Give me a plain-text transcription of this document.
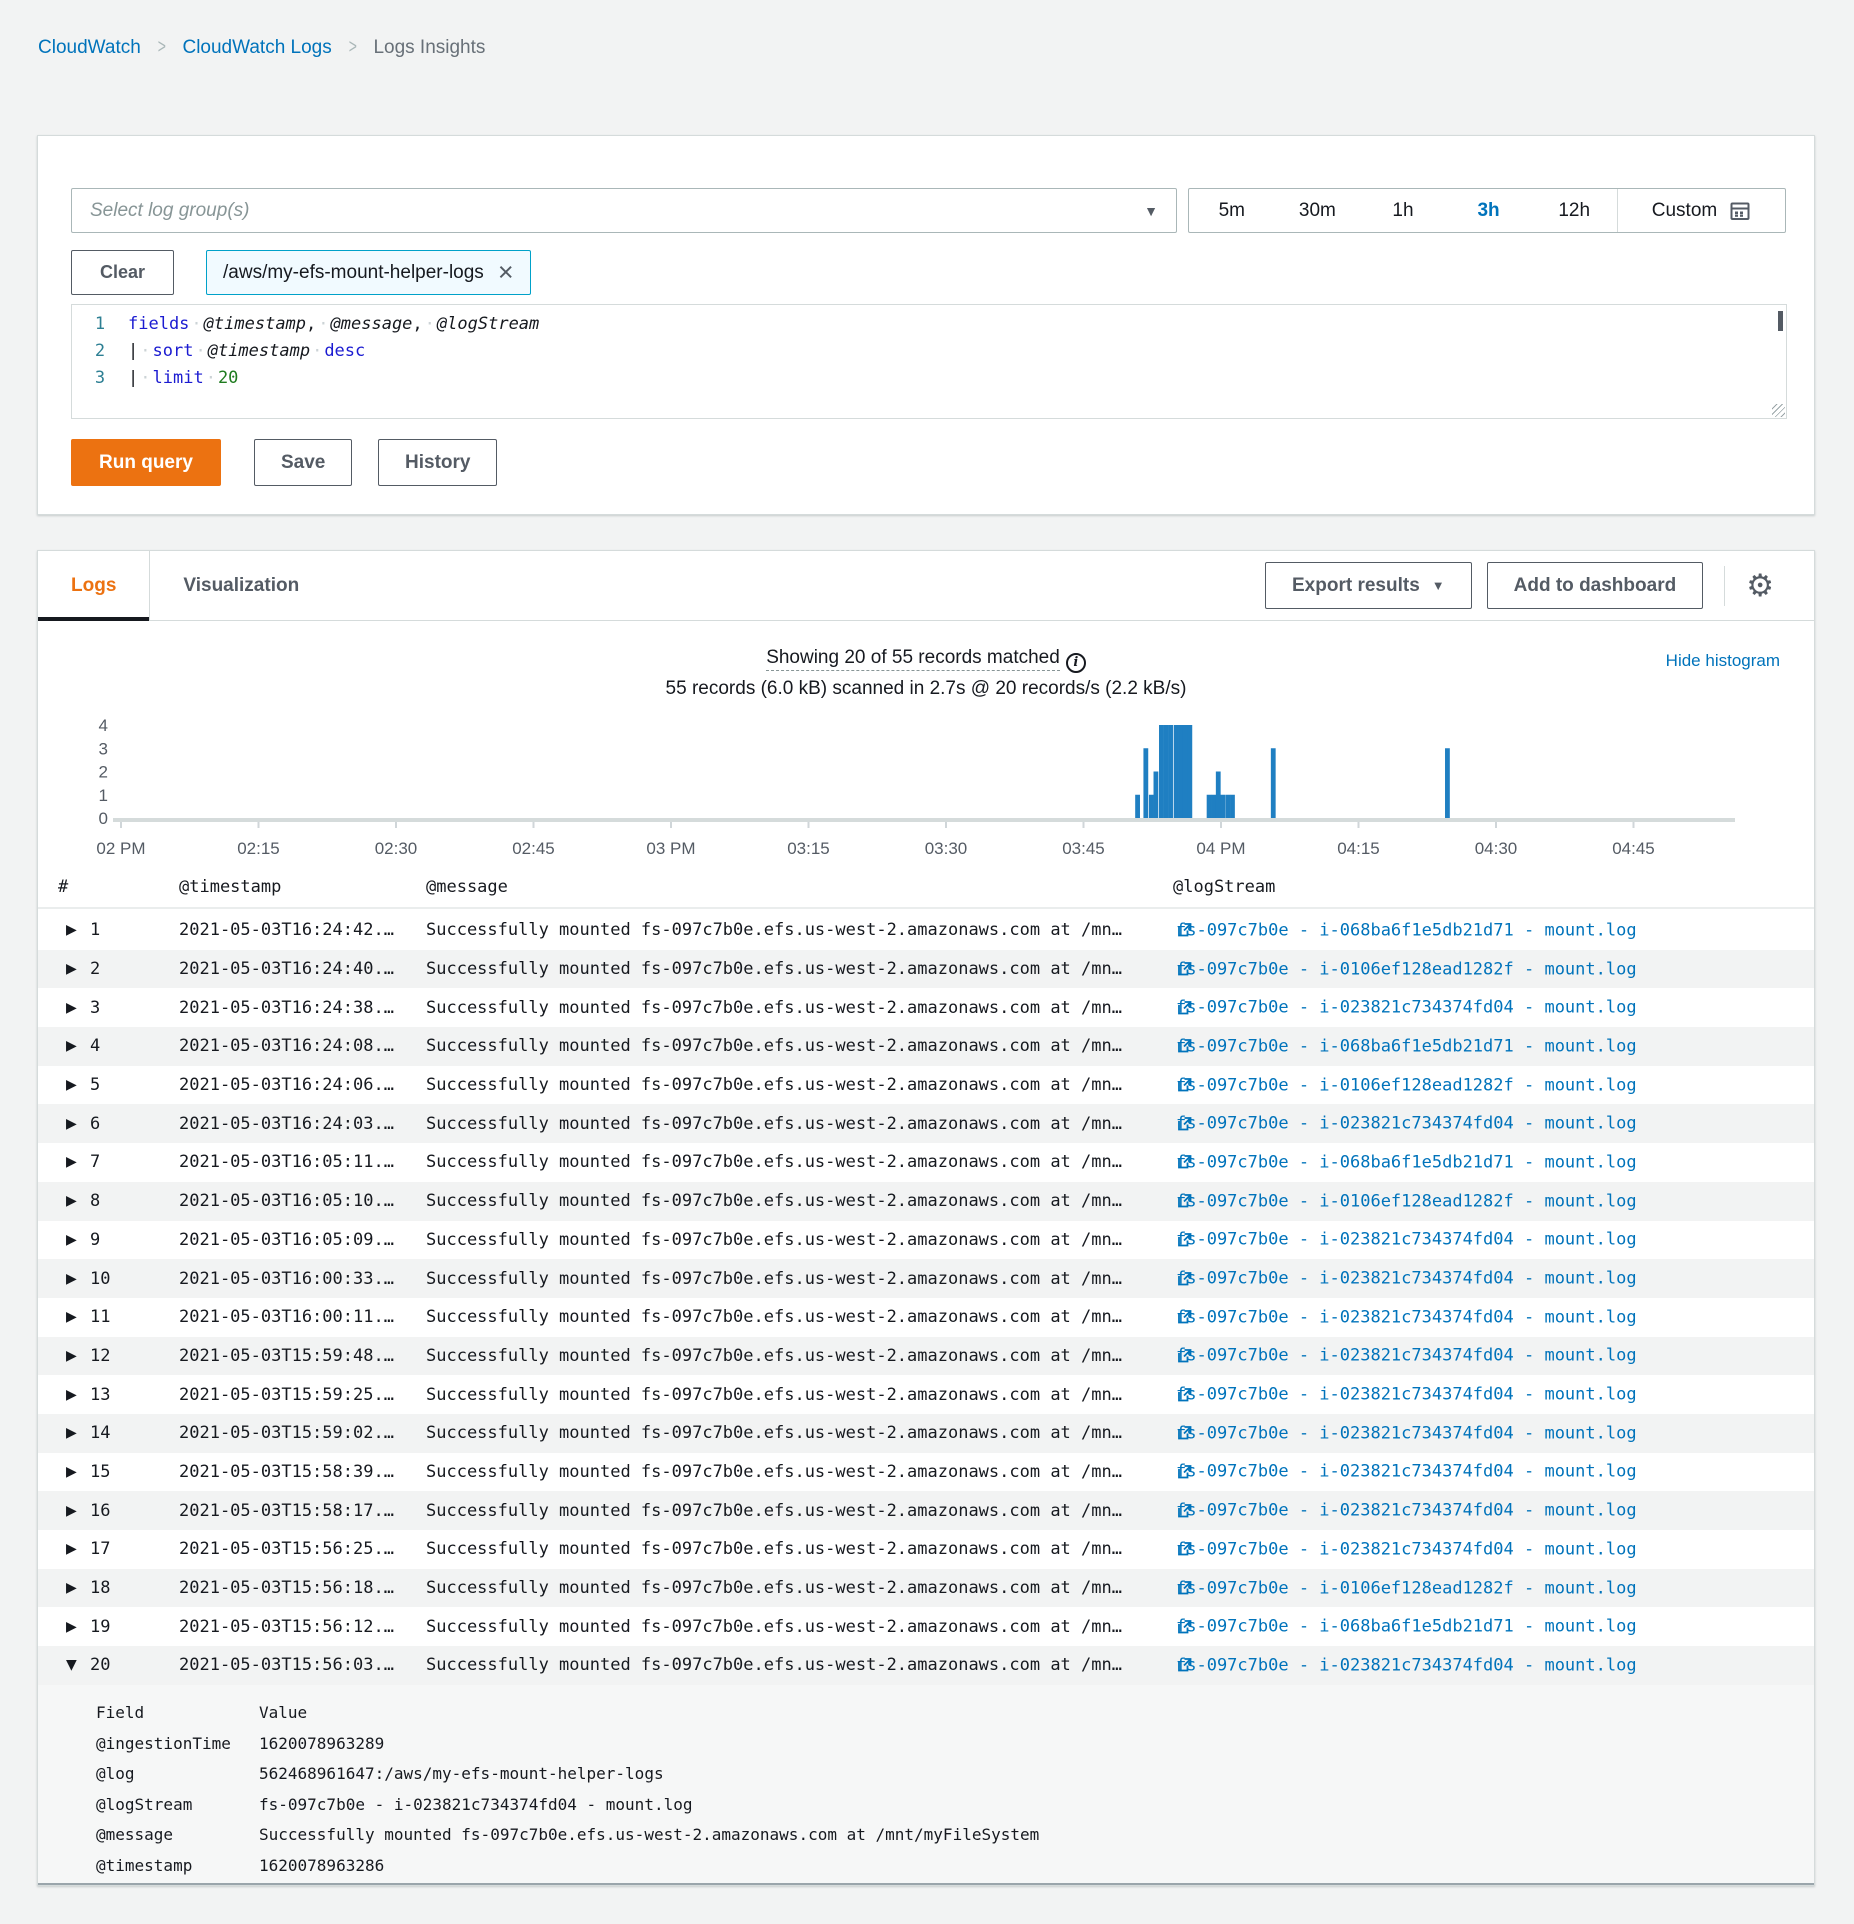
CloudWatch > CloudWatch Logs > Logs Insights
Select log group(s)	▼	5m	30m	1h	3h	12h	Custom
Clear	/aws/my-efs-mount-helper-logs ×
1	fields · @timestamp, · @message, · @logStream
2	| · sort · @timestamp · desc
3	| · limit · 20
Run query	Save	History
Logs	Visualization	Export results ▼	Add to dashboard	⚙
Showing 20 of 55 records matched i
55 records (6.0 kB) scanned in 2.7s @ 20 records/s (2.2 kB/s)
Hide histogram
4
3
2
1
0
02 PM	02:15	02:30	02:45	03 PM	03:15	03:30	03:45	04 PM	04:15	04:30	04:45
#	@timestamp	@message	@logStream
▶ 1	2021-05-03T16:24:42.… Successfully mounted fs-097c7b0e.efs.us-west-2.amazonaws.com at /mn…	fs-097c7b0e - i-068ba6f1e5db21d71 - mount.log
▶ 2	2021-05-03T16:24:40.… Successfully mounted fs-097c7b0e.efs.us-west-2.amazonaws.com at /mn…	fs-097c7b0e - i-0106ef128ead1282f - mount.log
▶ 3	2021-05-03T16:24:38.… Successfully mounted fs-097c7b0e.efs.us-west-2.amazonaws.com at /mn…	fs-097c7b0e - i-023821c734374fd04 - mount.log
▶ 4	2021-05-03T16:24:08.… Successfully mounted fs-097c7b0e.efs.us-west-2.amazonaws.com at /mn…	fs-097c7b0e - i-068ba6f1e5db21d71 - mount.log
▶ 5	2021-05-03T16:24:06.… Successfully mounted fs-097c7b0e.efs.us-west-2.amazonaws.com at /mn…	fs-097c7b0e - i-0106ef128ead1282f - mount.log
▶ 6	2021-05-03T16:24:03.… Successfully mounted fs-097c7b0e.efs.us-west-2.amazonaws.com at /mn…	fs-097c7b0e - i-023821c734374fd04 - mount.log
▶ 7	2021-05-03T16:05:11.… Successfully mounted fs-097c7b0e.efs.us-west-2.amazonaws.com at /mn…	fs-097c7b0e - i-068ba6f1e5db21d71 - mount.log
▶ 8	2021-05-03T16:05:10.… Successfully mounted fs-097c7b0e.efs.us-west-2.amazonaws.com at /mn…	fs-097c7b0e - i-0106ef128ead1282f - mount.log
▶ 9	2021-05-03T16:05:09.… Successfully mounted fs-097c7b0e.efs.us-west-2.amazonaws.com at /mn…	fs-097c7b0e - i-023821c734374fd04 - mount.log
▶ 10	2021-05-03T16:00:33.… Successfully mounted fs-097c7b0e.efs.us-west-2.amazonaws.com at /mn…	fs-097c7b0e - i-023821c734374fd04 - mount.log
▶ 11	2021-05-03T16:00:11.… Successfully mounted fs-097c7b0e.efs.us-west-2.amazonaws.com at /mn…	fs-097c7b0e - i-023821c734374fd04 - mount.log
▶ 12	2021-05-03T15:59:48.… Successfully mounted fs-097c7b0e.efs.us-west-2.amazonaws.com at /mn…	fs-097c7b0e - i-023821c734374fd04 - mount.log
▶ 13	2021-05-03T15:59:25.… Successfully mounted fs-097c7b0e.efs.us-west-2.amazonaws.com at /mn…	fs-097c7b0e - i-023821c734374fd04 - mount.log
▶ 14	2021-05-03T15:59:02.… Successfully mounted fs-097c7b0e.efs.us-west-2.amazonaws.com at /mn…	fs-097c7b0e - i-023821c734374fd04 - mount.log
▶ 15	2021-05-03T15:58:39.… Successfully mounted fs-097c7b0e.efs.us-west-2.amazonaws.com at /mn…	fs-097c7b0e - i-023821c734374fd04 - mount.log
▶ 16	2021-05-03T15:58:17.… Successfully mounted fs-097c7b0e.efs.us-west-2.amazonaws.com at /mn…	fs-097c7b0e - i-023821c734374fd04 - mount.log
▶ 17	2021-05-03T15:56:25.… Successfully mounted fs-097c7b0e.efs.us-west-2.amazonaws.com at /mn…	fs-097c7b0e - i-023821c734374fd04 - mount.log
▶ 18	2021-05-03T15:56:18.… Successfully mounted fs-097c7b0e.efs.us-west-2.amazonaws.com at /mn…	fs-097c7b0e - i-0106ef128ead1282f - mount.log
▶ 19	2021-05-03T15:56:12.… Successfully mounted fs-097c7b0e.efs.us-west-2.amazonaws.com at /mn…	fs-097c7b0e - i-068ba6f1e5db21d71 - mount.log
▼ 20	2021-05-03T15:56:03.… Successfully mounted fs-097c7b0e.efs.us-west-2.amazonaws.com at /mn…	fs-097c7b0e - i-023821c734374fd04 - mount.log
Field	Value
@ingestionTime 1620078963289
@log	562468961647:/aws/my-efs-mount-helper-logs
@logStream	fs-097c7b0e - i-023821c734374fd04 - mount.log
@message	Successfully mounted fs-097c7b0e.efs.us-west-2.amazonaws.com at /mnt/myFileSystem
@timestamp	1620078963286
